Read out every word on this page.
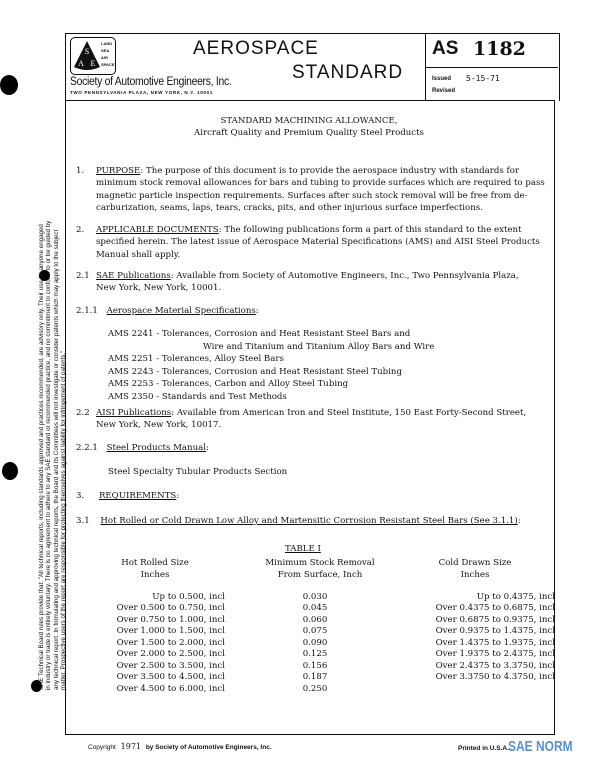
SAE Technical Board rules provide that: "All technical reports, including standards approved and practices recommended, are advisory only. Their use by anyone engaged in industry or trade is entirely voluntary. There is no agreement to adhere to any SAE standard or recommended practice, and no commitment to conform to or be guided by any technical report. In formulating and approving technical reports, the Board and its Committees will not investigate or consider patents which may apply to the subject matter. Prospective users of the report are responsible for protecting themselves against liability for infringement of patents."
S
A E
LAND
SEA
AIR
SPACE
Society of Automotive Engineers, Inc.
TWO PENNSYLVANIA PLAZA, NEW YORK, N.Y. 10001
AEROSPACE
STANDARD
AS 1182
Issued 5-15-71
Revised
STANDARD MACHINING ALLOWANCE,
Aircraft Quality and Premium Quality Steel Products
1. PURPOSE: The purpose of this document is to provide the aerospace industry with standards for
minimum stock removal allowances for bars and tubing to provide surfaces which are required to pass
magnetic particle inspection requirements. Surfaces after such stock removal will be free from de-
carburization, seams, laps, tears, cracks, pits, and other injurious surface imperfections.
2. APPLICABLE DOCUMENTS: The following publications form a part of this standard to the extent
specified herein. The latest issue of Aerospace Material Specifications (AMS) and AISI Steel Products
Manual shall apply.
2.1 SAE Publications: Available from Society of Automotive Engineers, Inc., Two Pennsylvania Plaza,
New York, New York, 10001.
2.1.1 Aerospace Material Specifications:
AMS 2241 - Tolerances, Corrosion and Heat Resistant Steel Bars and
Wire and Titanium and Titanium Alloy Bars and Wire
AMS 2251 - Tolerances, Alloy Steel Bars
AMS 2243 - Tolerances, Corrosion and Heat Resistant Steel Tubing
AMS 2253 - Tolerances, Carbon and Alloy Steel Tubing
AMS 2350 - Standards and Test Methods
2.2 AISI Publications: Available from American Iron and Steel Institute, 150 East Forty-Second Street,
New York, New York, 10017.
2.2.1 Steel Products Manual:
Steel Specialty Tubular Products Section
3. REQUIREMENTS:
3.1 Hot Rolled or Cold Drawn Low Alloy and Martensitic Corrosion Resistant Steel Bars (See 3.1.1):
TABLE I
Hot Rolled Size
Inches
Minimum Stock Removal
From Surface, Inch
Cold Drawn Size
Inches
Up to 0.500, incl	0.030	Up to 0.4375, incl
Over 0.500 to 0.750, incl	0.045	Over 0.4375 to 0.6875, incl
Over 0.750 to 1.000, incl	0.060	Over 0.6875 to 0.9375, incl
Over 1.000 to 1.500, incl	0.075	Over 0.9375 to 1.4375, incl
Over 1.500 to 2.000, incl	0.090	Over 1.4375 to 1.9375, incl
Over 2.000 to 2.500, incl	0.125	Over 1.9375 to 2.4375, incl
Over 2.500 to 3.500, incl	0.156	Over 2.4375 to 3.3750, incl
Over 3.500 to 4.500, incl	0.187	Over 3.3750 to 4.3750, incl
Over 4.500 to 6.000, incl	0.250
Copyright 1971 by Society of Automotive Engineers, Inc.	Printed in U.S.A. SAE NORM
